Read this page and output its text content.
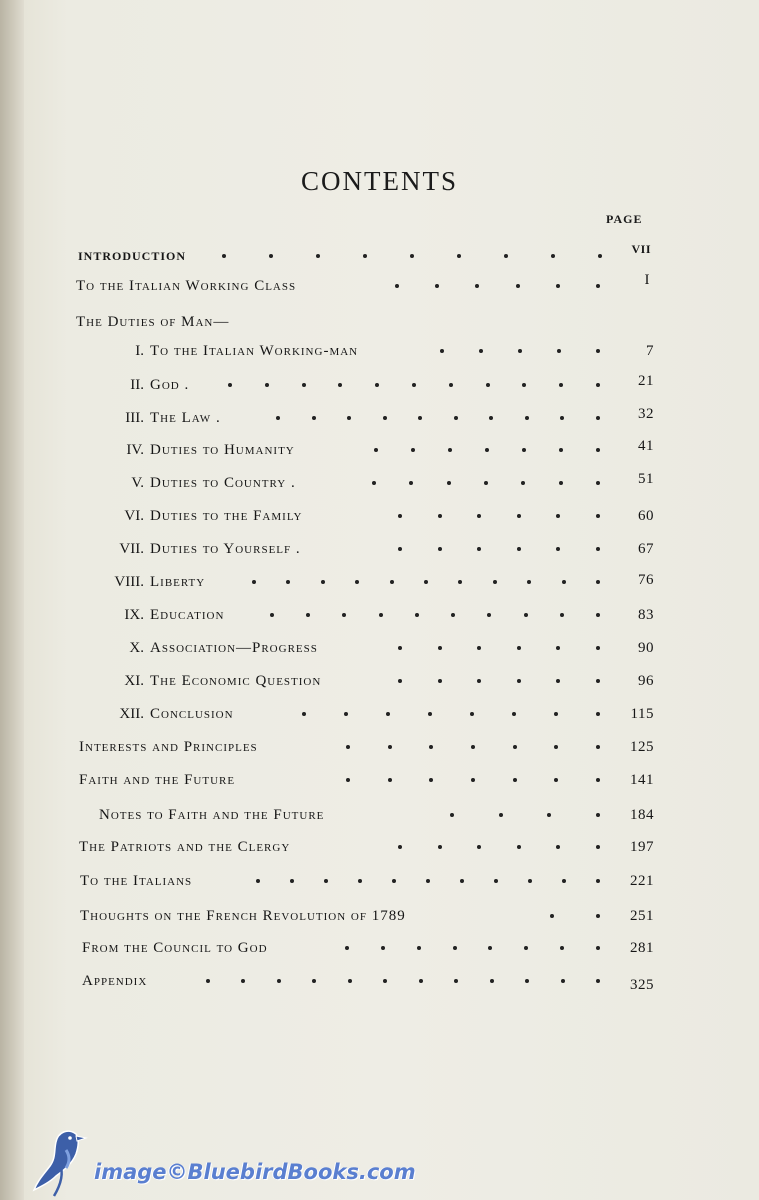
CONTENTS
PAGE
INTRODUCTION	VII
To the Italian Working Class	I
The Duties of Man—
I. To the Italian Working-man	7
II. God .	21
III. The Law .	32
IV. Duties to Humanity	41
V. Duties to Country .	51
VI. Duties to the Family	60
VII. Duties to Yourself .	67
VIII. Liberty	76
IX. Education	83
X. Association—Progress	90
XI. The Economic Question	96
XII. Conclusion	115
Interests and Principles	125
Faith and the Future	141
Notes to Faith and the Future	184
The Patriots and the Clergy	197
To the Italians	221
Thoughts on the French Revolution of 1789	251
From the Council to God	281
Appendix	325
image©BluebirdBooks.com
